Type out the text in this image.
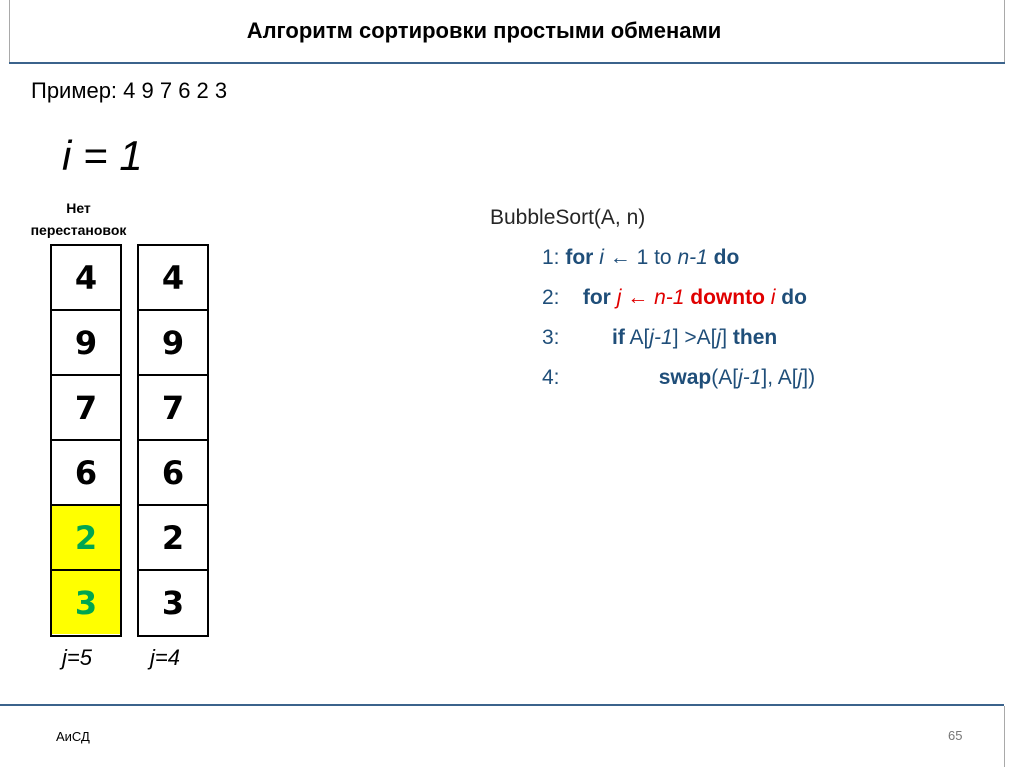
Алгоритм сортировки простыми обменами
Пример: 4 9 7 6 2 3
i = 1
Нет
перестановок
4
9
7
6
2
3
j=5
4
9
7
6
2
3
j=4
BubbleSort(A, n)
1: for i ← 1 to n-1 do
2: for j ← n-1 downto i do
3:	if A[j-1] >A[j] then
4:	swap(A[j-1], A[j])
АиСД	65
